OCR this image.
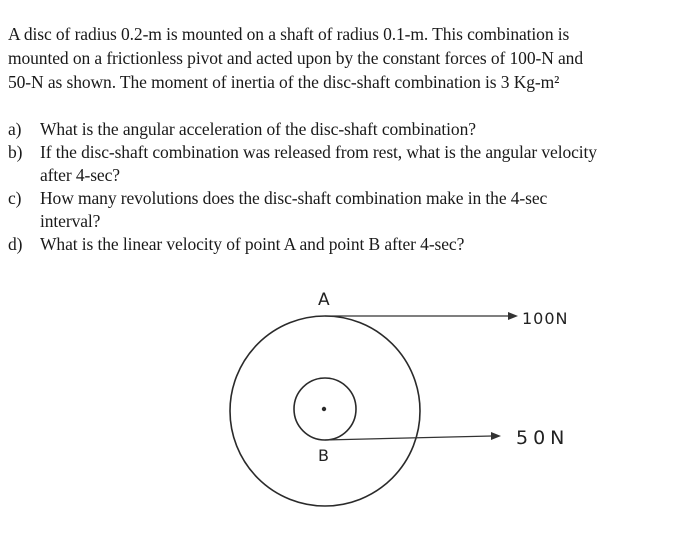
A disc of radius 0.2-m is mounted on a shaft of radius 0.1-m. This combination is
mounted on a frictionless pivot and acted upon by the constant forces of 100-N and
50-N as shown. The moment of inertia of the disc-shaft combination is 3 Kg-m²
a)	What is the angular acceleration of the disc-shaft combination?
b)	If the disc-shaft combination was released from rest, what is the angular velocity
after 4-sec?
c)	How many revolutions does the disc-shaft combination make in the 4-sec
interval?
d)	What is the linear velocity of point A and point B after 4-sec?
A
B
100N
50N
